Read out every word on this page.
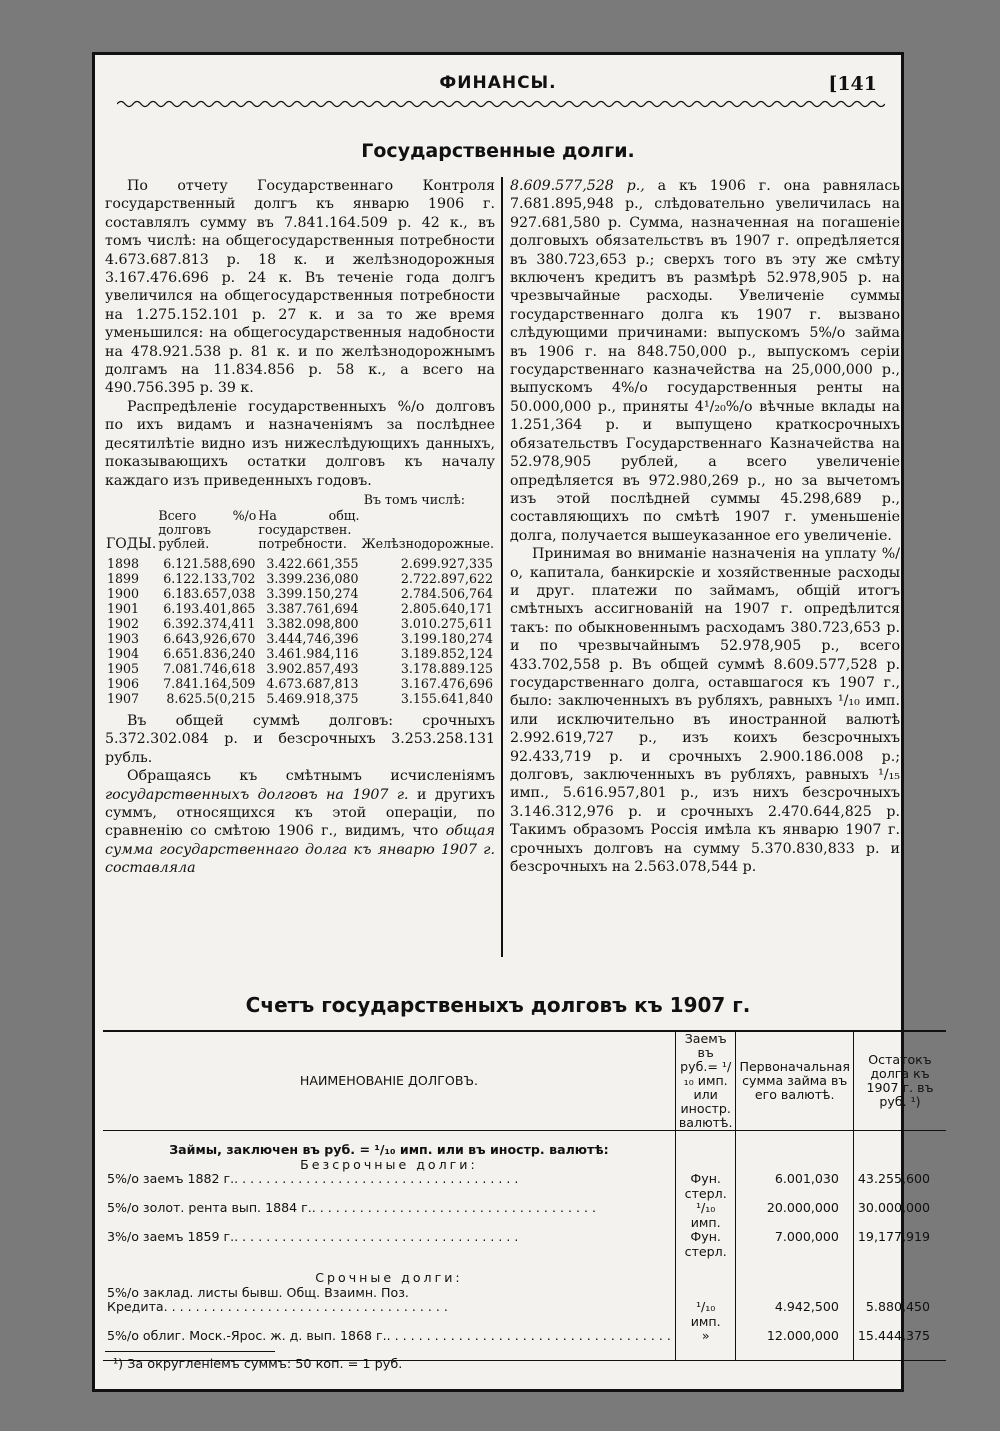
ФИНАНСЫ.	[141
Государственные долги.

По отчету Государственнаго Контроля государственный долгъ къ январю 1906 г. составлялъ сумму въ 7.841.164.509 р. 42 к., въ томъ числѣ: на общегосударственныя потребности 4.673.687.813 р. 18 к. и желѣзнодорожныя 3.167.476.696 р. 24 к. Въ теченіе года долгъ увеличился на общегосударственныя потребности на 1.275.152.101 р. 27 к. и за то же время уменьшился: на общегосударственныя надобности на 478.921.538 р. 81 к. и по желѣзнодорожнымъ долгамъ на 11.834.856 р. 58 к., а всего на 490.756.395 р. 39 к.

Распредѣленіе государственныхъ %/о долговъ по ихъ видамъ и назначеніямъ за послѣднее десятилѣтіе видно изъ нижеслѣдующихъ данныхъ, показывающихъ остатки долговъ къ началу каждаго изъ приведенныхъ годовъ.

		Въ томъ числѣ:	
ГОДЫ.	Всего %/о долговъ рублей.	На общ. государствен. потребности.	Желѣзнодорожные.

1898	6.121.588,690	3.422.661,355	2.699.927,335
1899	6.122.133,702	3.399.236,080	2.722.897,622
1900	6.183.657,038	3.399.150,274	2.784.506,764
1901	6.193.401,865	3.387.761,694	2.805.640,171
1902	6.392.374,411	3.382.098,800	3.010.275,611
1903	6.643,926,670	3.444,746,396	3.199.180,274
1904	6.651.836,240	3.461.984,116	3.189.852,124
1905	7.081.746,618	3.902.857,493	3.178.889.125
1906	7.841.164,509	4.673.687,813	3.167.476,696
1907	8.625.5(0,215	5.469.918,375	3.155.641,840

Въ общей суммѣ долговъ: срочныхъ 5.372.302.084 р. и безсрочныхъ 3.253.258.131 рубль.

Обращаясь къ смѣтнымъ исчисленіямъ государственныхъ долговъ на 1907 г. и другихъ суммъ, относящихся къ этой операціи, по сравненію со смѣтою 1906 г., видимъ, что общая сумма государственнаго долга къ январю 1907 г. составляла

8.609.577,528 р., а къ 1906 г. она равнялась 7.681.895,948 р., слѣдовательно увеличилась на 927.681,580 р. Сумма, назначенная на погашеніе долговыхъ обязательствъ въ 1907 г. опредѣляется въ 380.723,653 р.; сверхъ того въ эту же смѣту включенъ кредитъ въ размѣрѣ 52.978,905 р. на чрезвычайные расходы. Увеличеніе суммы государственнаго долга къ 1907 г. вызвано слѣдующими причинами: выпускомъ 5%/о займа въ 1906 г. на 848.750,000 р., выпускомъ серіи государственнаго казначейства на 25,000,000 р., выпускомъ 4%/о государственныя ренты на 50.000,000 р., приняты 4¹/₂₀%/о вѣчные вклады на 1.251,364 р. и выпущено краткосрочныхъ обязательствъ Государственнаго Казначейства на 52.978,905 рублей, а всего увеличеніе опредѣляется въ 972.980,269 р., но за вычетомъ изъ этой послѣдней суммы 45.298,689 р., составляющихъ по смѣтѣ 1907 г. уменьшеніе долга, получается вышеуказанное его увеличеніе.

Принимая во вниманіе назначенія на уплату %/о, капитала, банкирскіе и хозяйственные расходы и друг. платежи по займамъ, общій итогъ смѣтныхъ ассигнованій на 1907 г. опредѣлится такъ: по обыкновеннымъ расходамъ 380.723,653 р. и по чрезвычайнымъ 52.978,905 р., всего 433.702,558 р. Въ общей суммѣ 8.609.577,528 р. государственнаго долга, оставшагося къ 1907 г., было: заключенныхъ въ рубляхъ, равныхъ ¹/₁₀ имп. или исключительно въ иностранной валютѣ 2.992.619,727 р., изъ коихъ безсрочныхъ 92.433,719 р. и срочныхъ 2.900.186.008 р.; долговъ, заключенныхъ въ рубляхъ, равныхъ ¹/₁₅ имп., 5.616.957,801 р., изъ нихъ безсрочныхъ 3.146.312,976 р. и срочныхъ 2.470.644,825 р. Такимъ образомъ Россія имѣла къ январю 1907 г. срочныхъ долговъ на сумму 5.370.830,833 р. и безсрочныхъ на 2.563.078,544 р.

Счетъ государственыхъ долговъ къ 1907 г.
НАИМЕНОВАНІЕ ДОЛГОВЪ.	Заемъ въ руб.= ¹/₁₀ имп. или иностр. валютѣ.	Первоначальная сумма займа въ его валютѣ.	Остатокъ долга къ 1907 г. въ руб. ¹)

Займы, заключен въ руб. = ¹/₁₀ имп. или въ иностр. валютѣ:			
Безсрочные долги:			

5%/о заемъ 1882 г. . . . . . . . . . . . . . . . . . . . . . . . . . . . . . . . . . . . .	Фун. стерл.	6.001,030	43.255,600

5%/о золот. рента вып. 1884 г. . . . . . . . . . . . . . . . . . . . . . . . . . . . . . . . . . . . .	¹/₁₀ имп.	20.000,000	30.000,000

3%/о заемъ 1859 г. . . . . . . . . . . . . . . . . . . . . . . . . . . . . . . . . . . . .	Фун. стерл.	7.000,000	19,177,919

Срочные долги:			
5%/о заклад. листы бывш. Общ. Взаимн. Поз.			

Кредита . . . . . . . . . . . . . . . . . . . . . . . . . . . . . . . . . . . .	¹/₁₀ имп.	4.942,500	5.880,450

5%/о облиг. Моск.-Ярос. ж. д. вып. 1868 г. . . . . . . . . . . . . . . . . . . . . . . . . . . . . . . . . . . . .	»	12.000,000	15.444,375

¹) За округленіемъ суммъ: 50 коп. = 1 руб.
